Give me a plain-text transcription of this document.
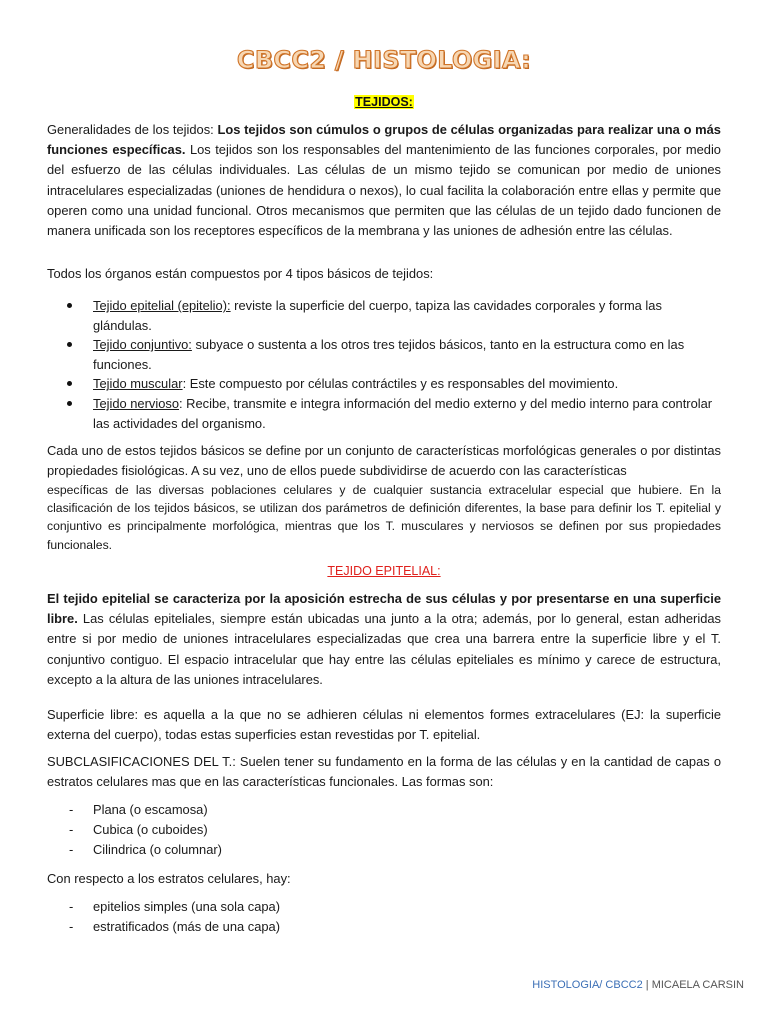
CBCC2 / HISTOLOGIA:
TEJIDOS:
Generalidades de los tejidos: Los tejidos son cúmulos o grupos de células organizadas para realizar una o más funciones específicas. Los tejidos son los responsables del mantenimiento de las funciones corporales, por medio del esfuerzo de las células individuales. Las células de un mismo tejido se comunican por medio de uniones intracelulares especializadas (uniones de hendidura o nexos), lo cual facilita la colaboración entre ellas y permite que operen como una unidad funcional. Otros mecanismos que permiten que las células de un tejido dado funcionen de manera unificada son los receptores específicos de la membrana y las uniones de adhesión entre las células.
Todos los órganos están compuestos por 4 tipos básicos de tejidos:
Tejido epitelial (epitelio): reviste la superficie del cuerpo, tapiza las cavidades corporales y forma las glándulas.
Tejido conjuntivo: subyace o sustenta a los otros tres tejidos básicos, tanto en la estructura como en las funciones.
Tejido muscular: Este compuesto por células contráctiles y es responsables del movimiento.
Tejido nervioso: Recibe, transmite e integra información del medio externo y del medio interno para controlar las actividades del organismo.
Cada uno de estos tejidos básicos se define por un conjunto de características morfológicas generales o por distintas propiedades fisiológicas. A su vez, uno de ellos puede subdividirse de acuerdo con las características
específicas de las diversas poblaciones celulares y de cualquier sustancia extracelular especial que hubiere. En la clasificación de los tejidos básicos, se utilizan dos parámetros de definición diferentes, la base para definir los T. epitelial y conjuntivo es principalmente morfológica, mientras que los T. musculares y nerviosos se definen por sus propiedades funcionales.
TEJIDO EPITELIAL:
El tejido epitelial se caracteriza por la aposición estrecha de sus células y por presentarse en una superficie libre. Las células epiteliales, siempre están ubicadas una junto a la otra; además, por lo general, estan adheridas entre si por medio de uniones intracelulares especializadas que crea una barrera entre la superficie libre y el T. conjuntivo contiguo. El espacio intracelular que hay entre las células epiteliales es mínimo y carece de estructura, excepto a la altura de las uniones intracelulares.
Superficie libre: es aquella a la que no se adhieren células ni elementos formes extracelulares (EJ: la superficie externa del cuerpo), todas estas superficies estan revestidas por T. epitelial.
SUBCLASIFICACIONES DEL T.: Suelen tener su fundamento en la forma de las células y en la cantidad de capas o estratos celulares mas que en las características funcionales. Las formas son:
- Plana (o escamosa)
- Cubica (o cuboides)
- Cilindrica (o columnar)
Con respecto a los estratos celulares, hay:
- epitelios simples (una sola capa)
- estratificados (más de una capa)
HISTOLOGIA/ CBCC2 | MICAELA CARSIN
